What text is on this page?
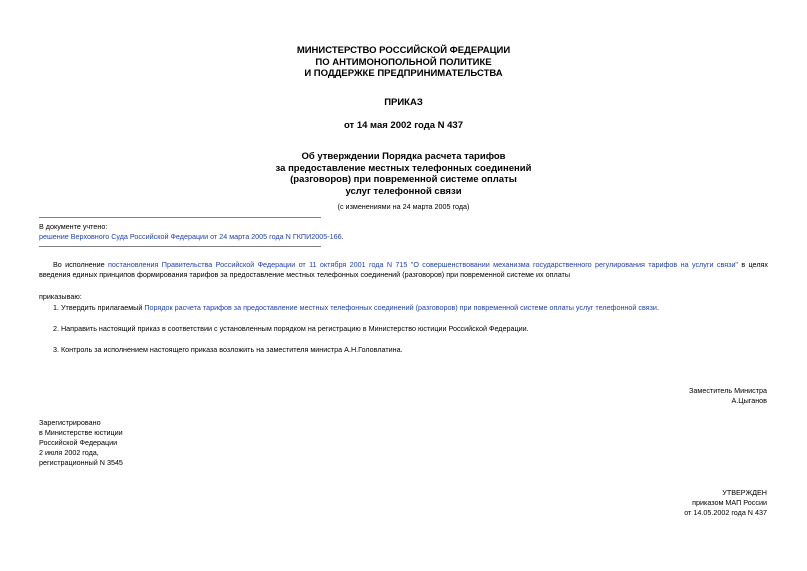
МИНИСТЕРСТВО РОССИЙСКОЙ ФЕДЕРАЦИИ
ПО АНТИМОНОПОЛЬНОЙ ПОЛИТИКЕ
И ПОДДЕРЖКЕ ПРЕДПРИНИМАТЕЛЬСТВА
ПРИКАЗ
от 14 мая 2002 года N 437
Об утверждении Порядка расчета тарифов
за предоставление местных телефонных соединений
(разговоров) при повременной системе оплаты
услуг телефонной связи
(с изменениями на 24 марта 2005 года)
В документе учтено:
решение Верховного Суда Российской Федерации от 24 марта 2005 года N ГКПИ2005-166.
Во исполнение постановления Правительства Российской Федерации от 11 октября 2001 года N 715 "О совершенствовании механизма государственного регулирования тарифов на услуги связи" в целях введения единых принципов формирования тарифов за предоставление местных телефонных соединений (разговоров) при повременной системе их оплаты
приказываю:
1. Утвердить прилагаемый Порядок расчета тарифов за предоставление местных телефонных соединений (разговоров) при повременной системе оплаты услуг телефонной связи.
2. Направить настоящий приказ в соответствии с установленным порядком на регистрацию в Министерство юстиции Российской Федерации.
3. Контроль за исполнением настоящего приказа возложить на заместителя министра А.Н.Головлатина.
Заместитель Министра
А.Цыганов
Зарегистрировано
в Министерстве юстиции
Российской Федерации
2 июля 2002 года,
регистрационный N 3545
УТВЕРЖДЕН
приказом МАП России
от 14.05.2002 года N 437
